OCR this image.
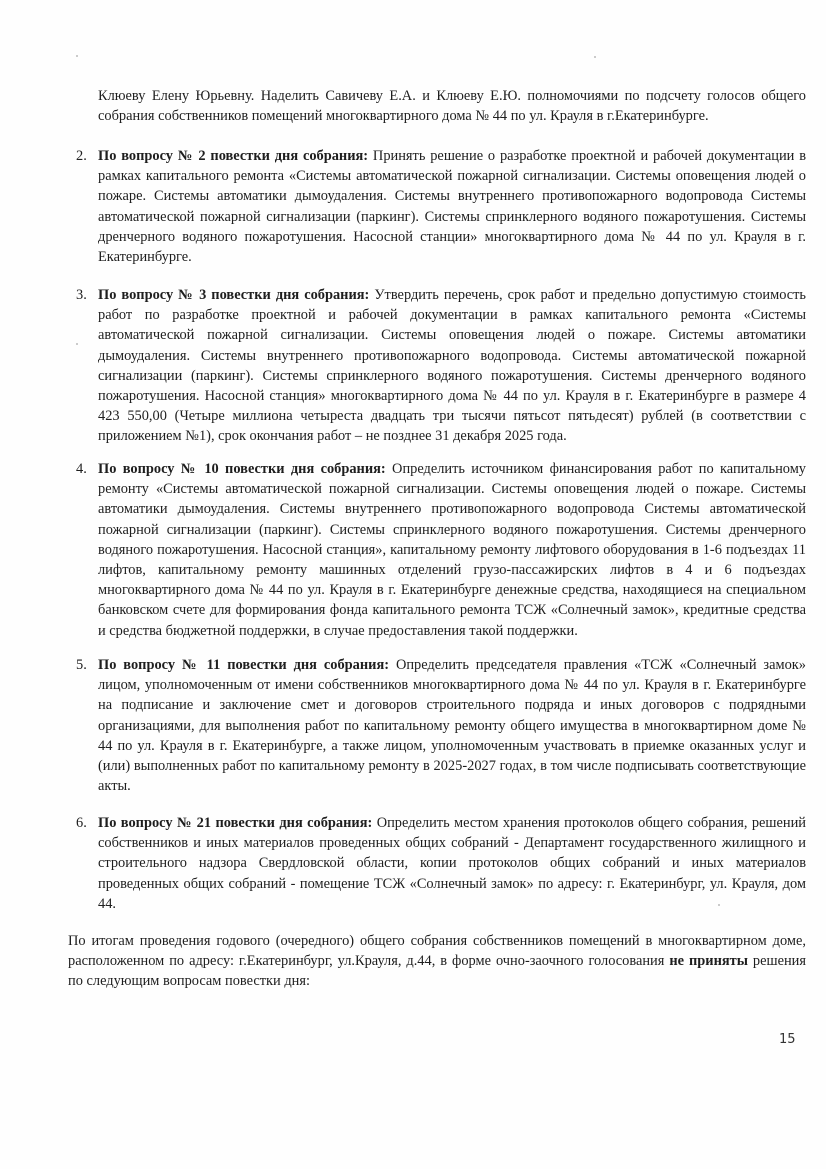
Клюеву Елену Юрьевну. Наделить Савичеву Е.А. и Клюеву Е.Ю. полномочиями по подсчету голосов общего собрания собственников помещений многоквартирного дома № 44 по ул. Крауля в г.Екатеринбурге.
2. По вопросу № 2 повестки дня собрания: Принять решение о разработке проектной и рабочей документации в рамках капитального ремонта «Системы автоматической пожарной сигнализации. Системы оповещения людей о пожаре. Системы автоматики дымоудаления. Системы внутреннего противопожарного водопровода Системы автоматической пожарной сигнализации (паркинг). Системы спринклерного водяного пожаротушения. Системы дренчерного водяного пожаротушения. Насосной станции» многоквартирного дома № 44 по ул. Крауля в г. Екатеринбурге.
3. По вопросу № 3 повестки дня собрания: Утвердить перечень, срок работ и предельно допустимую стоимость работ по разработке проектной и рабочей документации в рамках капитального ремонта «Системы автоматической пожарной сигнализации. Системы оповещения людей о пожаре. Системы автоматики дымоудаления. Системы внутреннего противопожарного водопровода. Системы автоматической пожарной сигнализации (паркинг). Системы спринклерного водяного пожаротушения. Системы дренчерного водяного пожаротушения. Насосной станция» многоквартирного дома № 44 по ул. Крауля в г. Екатеринбурге в размере 4 423 550,00 (Четыре миллиона четыреста двадцать три тысячи пятьсот пятьдесят) рублей (в соответствии с приложением №1), срок окончания работ – не позднее 31 декабря 2025 года.
4. По вопросу № 10 повестки дня собрания: Определить источником финансирования работ по капитальному ремонту «Системы автоматической пожарной сигнализации. Системы оповещения людей о пожаре. Системы автоматики дымоудаления. Системы внутреннего противопожарного водопровода Системы автоматической пожарной сигнализации (паркинг). Системы спринклерного водяного пожаротушения. Системы дренчерного водяного пожаротушения. Насосной станция», капитальному ремонту лифтового оборудования в 1-6 подъездах 11 лифтов, капитальному ремонту машинных отделений грузо-пассажирских лифтов в 4 и 6 подъездах многоквартирного дома № 44 по ул. Крауля в г. Екатеринбурге денежные средства, находящиеся на специальном банковском счете для формирования фонда капитального ремонта ТСЖ «Солнечный замок», кредитные средства и средства бюджетной поддержки, в случае предоставления такой поддержки.
5. По вопросу № 11 повестки дня собрания: Определить председателя правления «ТСЖ «Солнечный замок» лицом, уполномоченным от имени собственников многоквартирного дома № 44 по ул. Крауля в г. Екатеринбурге на подписание и заключение смет и договоров строительного подряда и иных договоров с подрядными организациями, для выполнения работ по капитальному ремонту общего имущества в многоквартирном доме № 44 по ул. Крауля в г. Екатеринбурге, а также лицом, уполномоченным участвовать в приемке оказанных услуг и (или) выполненных работ по капитальному ремонту в 2025-2027 годах, в том числе подписывать соответствующие акты.
6. По вопросу № 21 повестки дня собрания: Определить местом хранения протоколов общего собрания, решений собственников и иных материалов проведенных общих собраний - Департамент государственного жилищного и строительного надзора Свердловской области, копии протоколов общих собраний и иных материалов проведенных общих собраний - помещение ТСЖ «Солнечный замок» по адресу: г. Екатеринбург, ул. Крауля, дом 44.
По итогам проведения годового (очередного) общего собрания собственников помещений в многоквартирном доме, расположенном по адресу: г.Екатеринбург, ул.Крауля, д.44, в форме очно-заочного голосования не приняты решения по следующим вопросам повестки дня:
15
